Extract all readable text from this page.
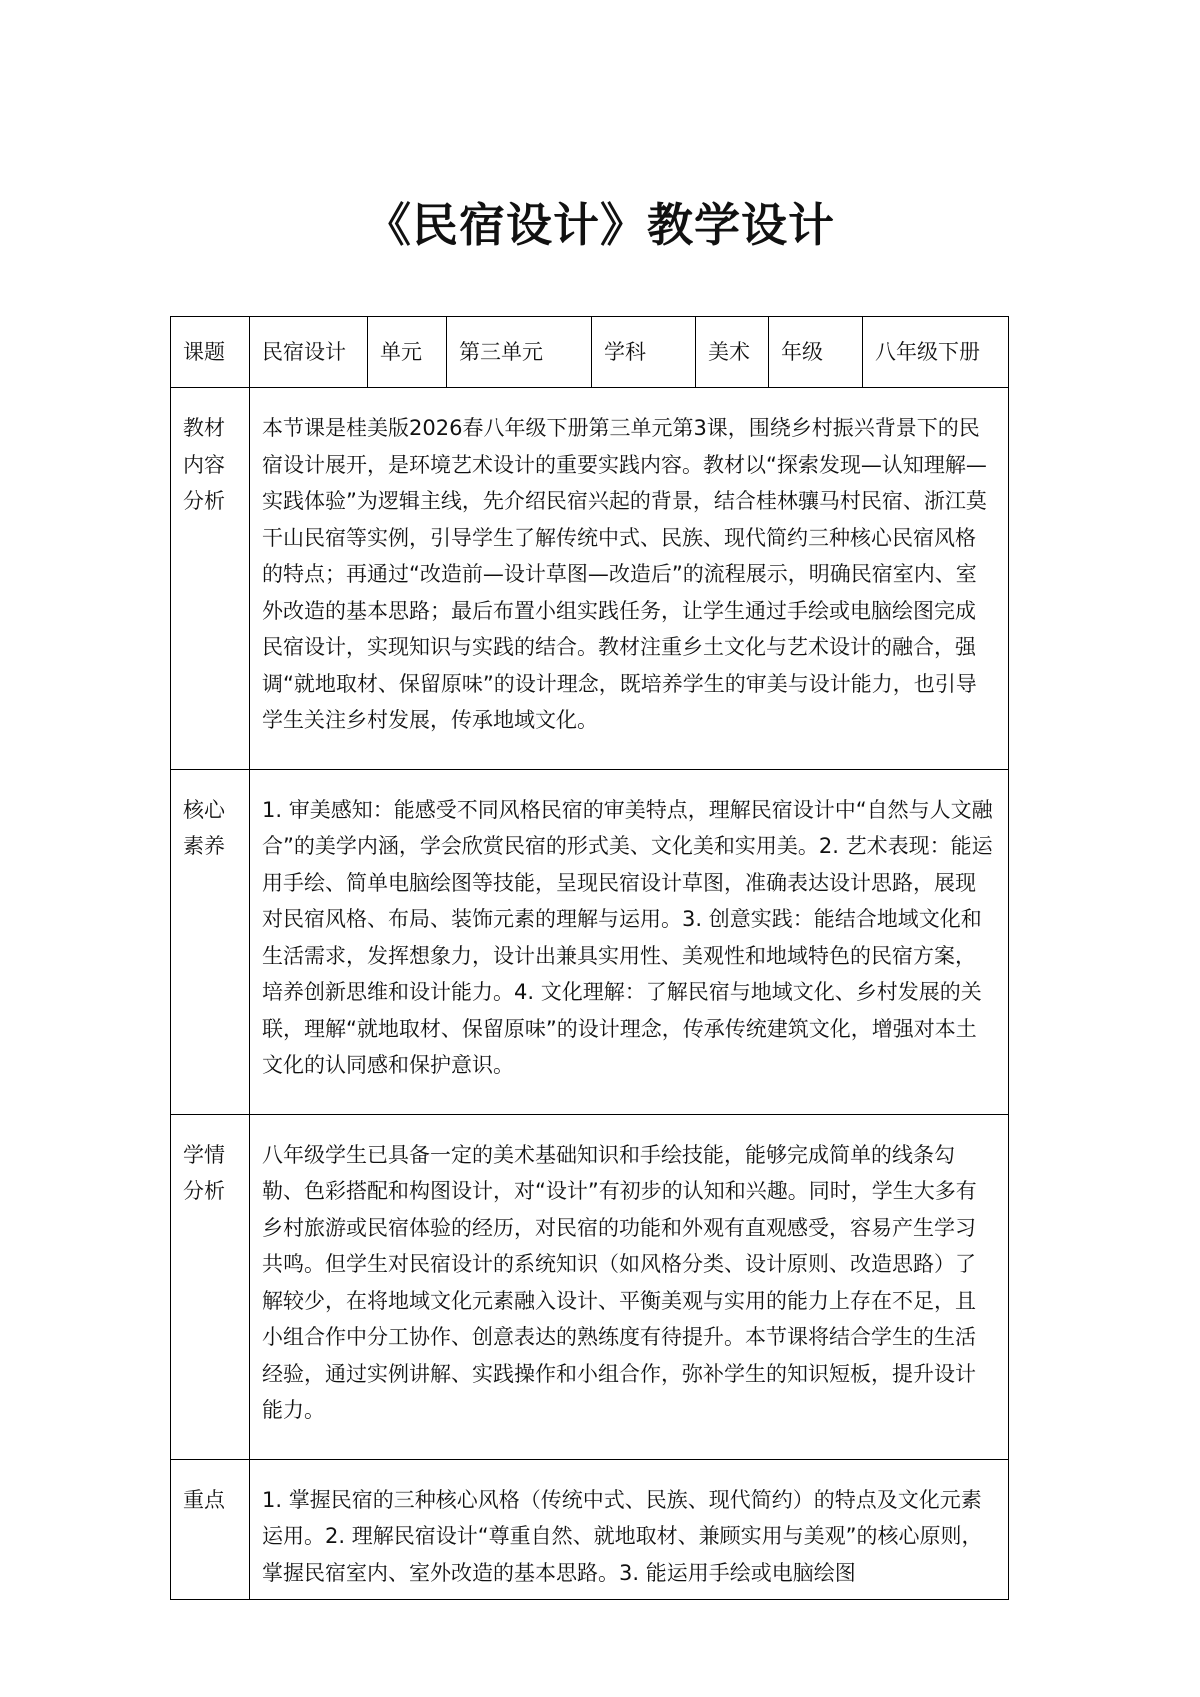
《民宿设计》教学设计
课题	民宿设计	单元	第三单元	学科	美术	年级	八年级下册
教材内容分析	本节课是桂美版2026春八年级下册第三单元第3课，围绕乡村振兴背景下的民宿设计展开，是环境艺术设计的重要实践内容。教材以“探索发现—认知理解—实践体验”为逻辑主线，先介绍民宿兴起的背景，结合桂林骧马村民宿、浙江莫干山民宿等实例，引导学生了解传统中式、民族、现代简约三种核心民宿风格的特点；再通过“改造前—设计草图—改造后”的流程展示，明确民宿室内、室外改造的基本思路；最后布置小组实践任务，让学生通过手绘或电脑绘图完成民宿设计，实现知识与实践的结合。教材注重乡土文化与艺术设计的融合，强调“就地取材、保留原味”的设计理念，既培养学生的审美与设计能力，也引导学生关注乡村发展，传承地域文化。						
核心素养	1. 审美感知：能感受不同风格民宿的审美特点，理解民宿设计中“自然与人文融合”的美学内涵，学会欣赏民宿的形式美、文化美和实用美。2. 艺术表现：能运用手绘、简单电脑绘图等技能，呈现民宿设计草图，准确表达设计思路，展现对民宿风格、布局、装饰元素的理解与运用。3. 创意实践：能结合地域文化和生活需求，发挥想象力，设计出兼具实用性、美观性和地域特色的民宿方案，培养创新思维和设计能力。4. 文化理解：了解民宿与地域文化、乡村发展的关联，理解“就地取材、保留原味”的设计理念，传承传统建筑文化，增强对本土文化的认同感和保护意识。						
学情分析	八年级学生已具备一定的美术基础知识和手绘技能，能够完成简单的线条勾勒、色彩搭配和构图设计，对“设计”有初步的认知和兴趣。同时，学生大多有乡村旅游或民宿体验的经历，对民宿的功能和外观有直观感受，容易产生学习共鸣。但学生对民宿设计的系统知识（如风格分类、设计原则、改造思路）了解较少，在将地域文化元素融入设计、平衡美观与实用的能力上存在不足，且小组合作中分工协作、创意表达的熟练度有待提升。本节课将结合学生的生活经验，通过实例讲解、实践操作和小组合作，弥补学生的知识短板，提升设计能力。						
重点	1. 掌握民宿的三种核心风格（传统中式、民族、现代简约）的特点及文化元素运用。2. 理解民宿设计“尊重自然、就地取材、兼顾实用与美观”的核心原则，掌握民宿室内、室外改造的基本思路。3. 能运用手绘或电脑绘图						
